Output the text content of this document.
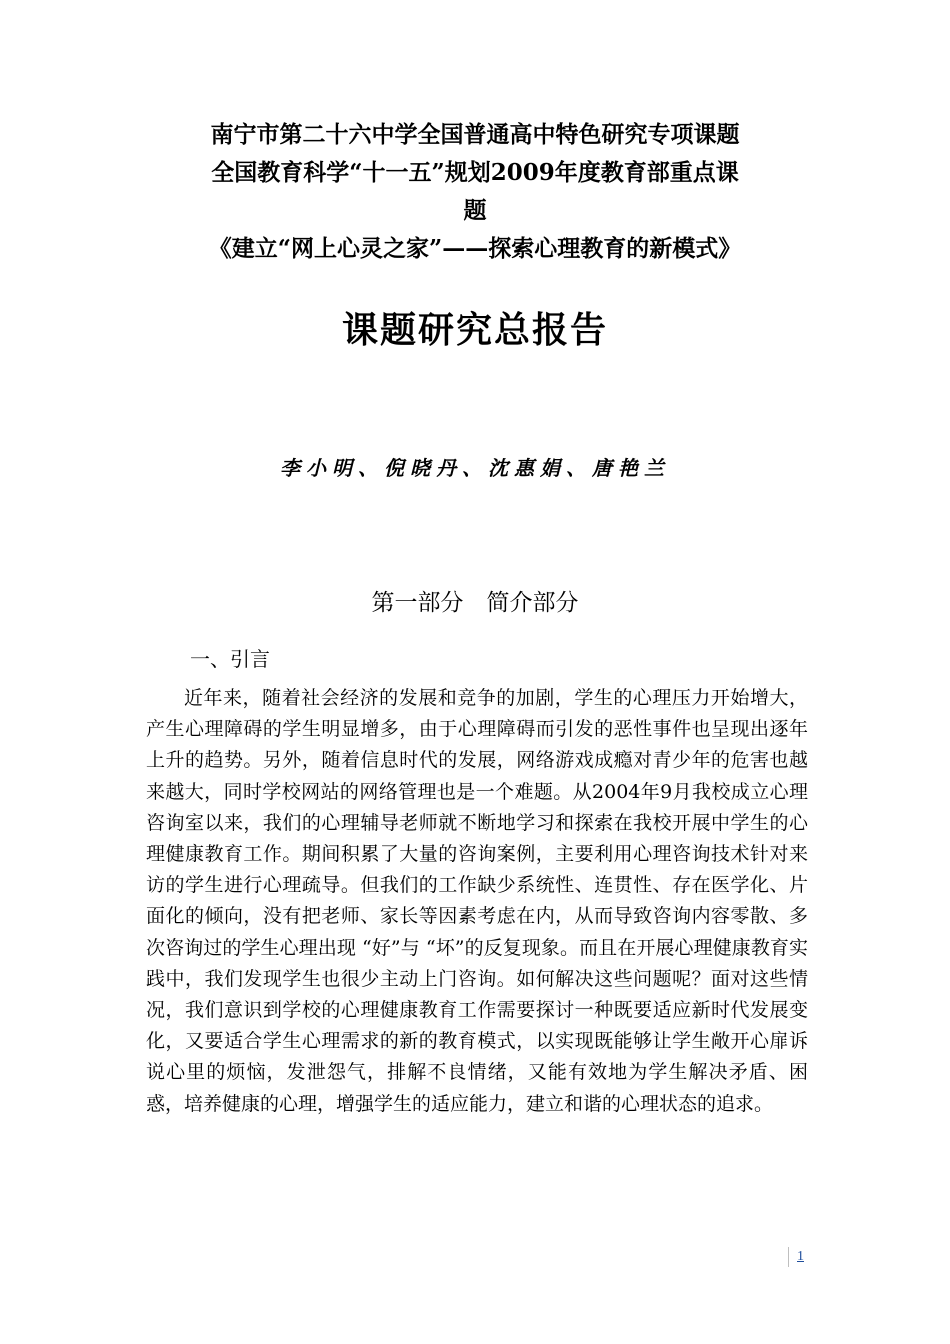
南宁市第二十六中学全国普通高中特色研究专项课题
全国教育科学“十一五”规划2009年度教育部重点课
题
《建立“网上心灵之家”——探索心理教育的新模式》
课题研究总报告
李小明、倪晓丹、沈惠娟、唐艳兰
第一部分　简介部分
一、引言

近年来，随着社会经济的发展和竞争的加剧，学生的心理压力开始增大，产生心理障碍的学生明显增多，由于心理障碍而引发的恶性事件也呈现出逐年上升的趋势。另外，随着信息时代的发展，网络游戏成瘾对青少年的危害也越来越大，同时学校网站的网络管理也是一个难题。从2004年9月我校成立心理咨询室以来，我们的心理辅导老师就不断地学习和探索在我校开展中学生的心理健康教育工作。期间积累了大量的咨询案例，主要利用心理咨询技术针对来访的学生进行心理疏导。但我们的工作缺少系统性、连贯性、存在医学化、片面化的倾向，没有把老师、家长等因素考虑在内，从而导致咨询内容零散、多次咨询过的学生心理出现 “好”与 “坏”的反复现象。而且在开展心理健康教育实践中，我们发现学生也很少主动上门咨询。如何解决这些问题呢？面对这些情况，我们意识到学校的心理健康教育工作需要探讨一种既要适应新时代发展变化，又要适合学生心理需求的新的教育模式，以实现既能够让学生敞开心扉诉说心里的烦恼，发泄怨气，排解不良情绪，又能有效地为学生解决矛盾、困惑，培养健康的心理，增强学生的适应能力，建立和谐的心理状态的追求。

1
